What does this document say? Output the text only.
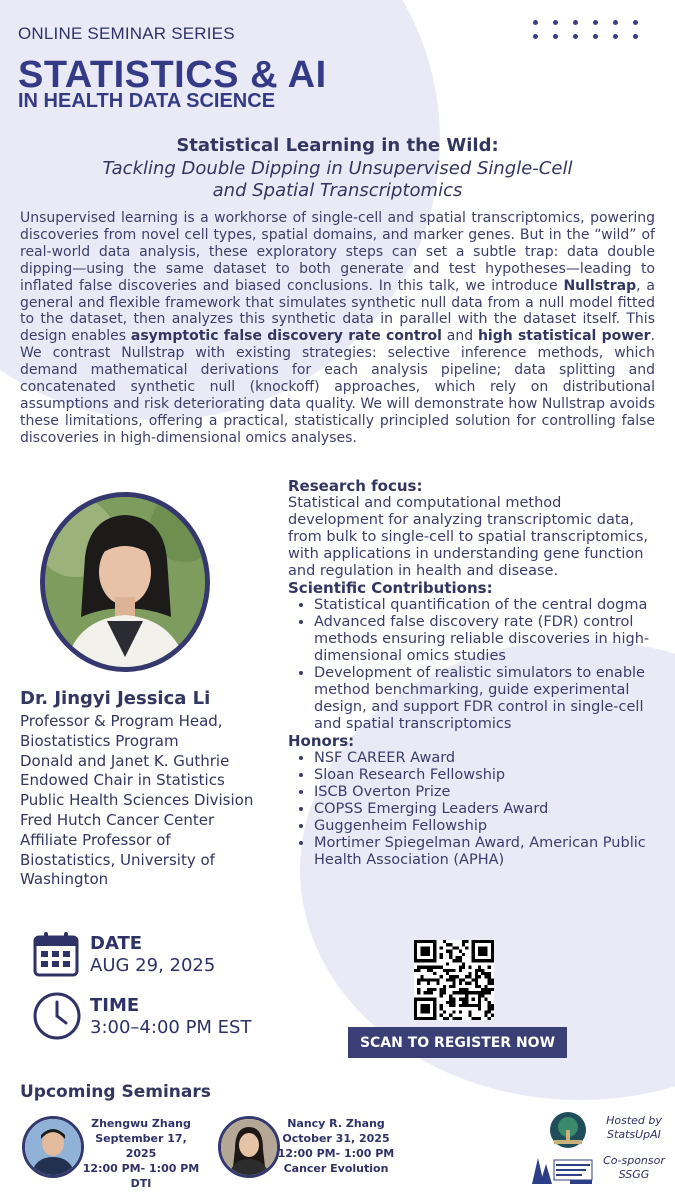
ONLINE SEMINAR SERIES
STATISTICS & AI
IN HEALTH DATA SCIENCE
Statistical Learning in the Wild:
Tackling Double Dipping in Unsupervised Single-Cell
and Spatial Transcriptomics
Unsupervised learning is a workhorse of single-cell and spatial transcriptomics, powering discoveries from novel cell types, spatial domains, and marker genes. But in the “wild” of real-world data analysis, these exploratory steps can set a subtle trap: data double dipping—using the same dataset to both generate and test hypotheses—leading to inflated false discoveries and biased conclusions. In this talk, we introduce Nullstrap, a general and flexible framework that simulates synthetic null data from a null model fitted to the dataset, then analyzes this synthetic data in parallel with the dataset itself. This design enables asymptotic false discovery rate control and high statistical power. We contrast Nullstrap with existing strategies: selective inference methods, which demand mathematical derivations for each analysis pipeline; data splitting and concatenated synthetic null (knockoff) approaches, which rely on distributional assumptions and risk deteriorating data quality. We will demonstrate how Nullstrap avoids these limitations, offering a practical, statistically principled solution for controlling false discoveries in high-dimensional omics analyses.
Dr. Jingyi Jessica Li
Professor & Program Head,
Biostatistics Program
Donald and Janet K. Guthrie
Endowed Chair in Statistics
Public Health Sciences Division
Fred Hutch Cancer Center
Affiliate Professor of
Biostatistics, University of
Washington
Research focus:

Statistical and computational method development for analyzing transcriptomic data, from bulk to single-cell to spatial transcriptomics, with applications in understanding gene function and regulation in health and disease.

Scientific Contributions:
• Statistical quantification of the central dogma
• Advanced false discovery rate (FDR) control methods ensuring reliable discoveries in high-dimensional omics studies
• Development of realistic simulators to enable method benchmarking, guide experimental design, and support FDR control in single-cell and spatial transcriptomics
Honors:
• NSF CAREER Award
• Sloan Research Fellowship
• ISCB Overton Prize
• COPSS Emerging Leaders Award
• Guggenheim Fellowship
• Mortimer Spiegelman Award, American Public Health Association (APHA)
DATE
AUG 29, 2025
TIME
3:00–4:00 PM EST
SCAN TO REGISTER NOW
Upcoming Seminars
Zhengwu Zhang
September 17, 2025
12:00 PM- 1:00 PM
DTI
Nancy R. Zhang
October 31, 2025
12:00 PM- 1:00 PM
Cancer Evolution
Hosted by
StatsUpAI
Co-sponsor
SSGG
